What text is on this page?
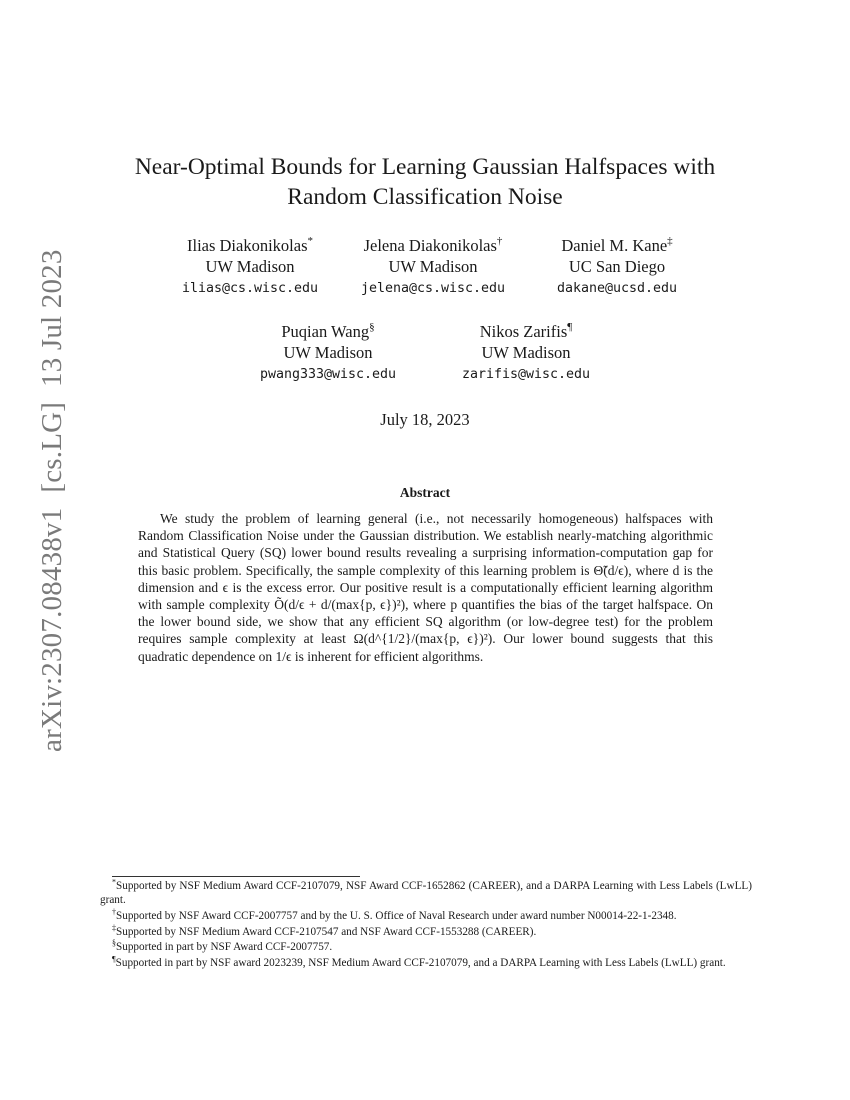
arXiv:2307.08438v1  [cs.LG]  13 Jul 2023
Near-Optimal Bounds for Learning Gaussian Halfspaces with Random Classification Noise
Ilias Diakonikolas*
UW Madison
ilias@cs.wisc.edu
Jelena Diakonikolas†
UW Madison
jelena@cs.wisc.edu
Daniel M. Kane‡
UC San Diego
dakane@ucsd.edu
Puqian Wang§
UW Madison
pwang333@wisc.edu
Nikos Zarifis¶
UW Madison
zarifis@wisc.edu
July 18, 2023
Abstract
We study the problem of learning general (i.e., not necessarily homogeneous) halfspaces with Random Classification Noise under the Gaussian distribution. We establish nearly-matching algorithmic and Statistical Query (SQ) lower bound results revealing a surprising information-computation gap for this basic problem. Specifically, the sample complexity of this learning problem is Θ̃(d/ϵ), where d is the dimension and ϵ is the excess error. Our positive result is a computationally efficient learning algorithm with sample complexity Õ(d/ϵ + d/(max{p, ϵ})²), where p quantifies the bias of the target halfspace. On the lower bound side, we show that any efficient SQ algorithm (or low-degree test) for the problem requires sample complexity at least Ω(d^{1/2}/(max{p, ϵ})²). Our lower bound suggests that this quadratic dependence on 1/ϵ is inherent for efficient algorithms.

*Supported by NSF Medium Award CCF-2107079, NSF Award CCF-1652862 (CAREER), and a DARPA Learning with Less Labels (LwLL) grant.

†Supported by NSF Award CCF-2007757 and by the U. S. Office of Naval Research under award number N00014-22-1-2348.

‡Supported by NSF Medium Award CCF-2107547 and NSF Award CCF-1553288 (CAREER).

§Supported in part by NSF Award CCF-2007757.

¶Supported in part by NSF award 2023239, NSF Medium Award CCF-2107079, and a DARPA Learning with Less Labels (LwLL) grant.
